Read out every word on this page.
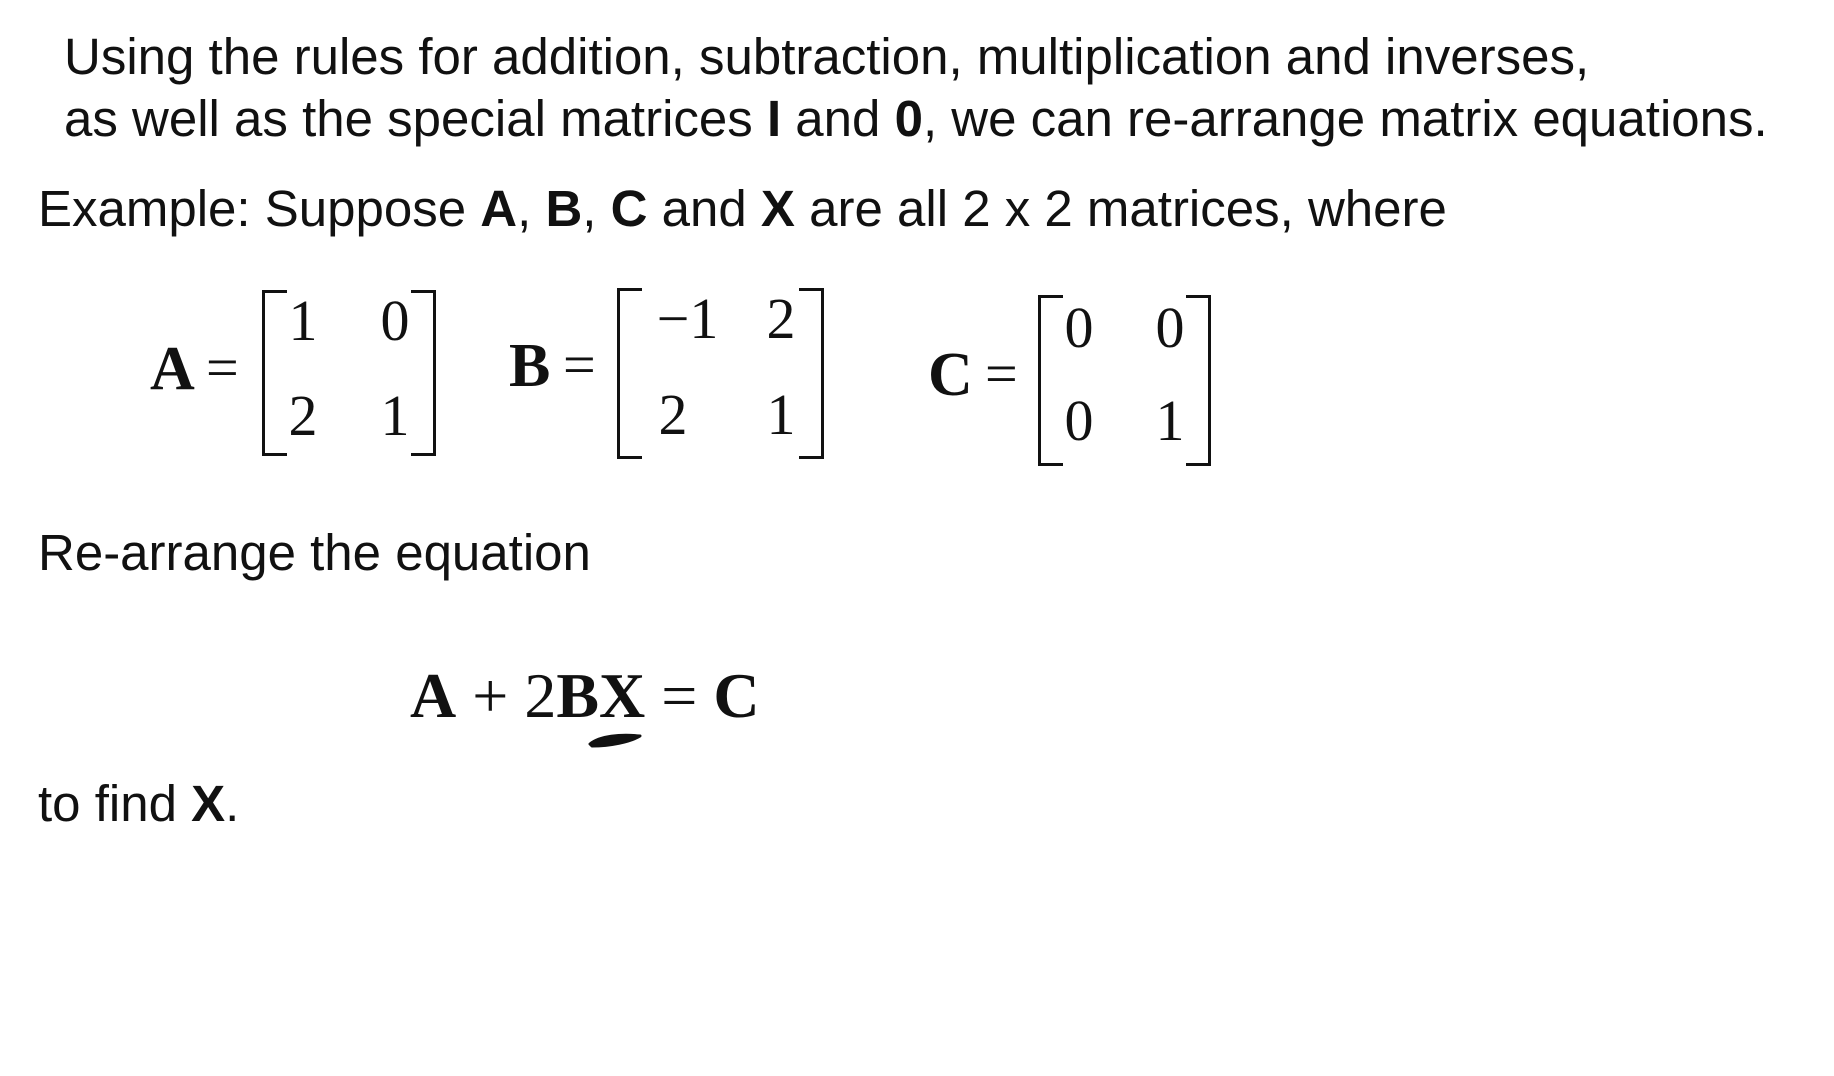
Using the rules for addition, subtraction, multiplication and inverses,
as well as the special matrices I and 0, we can re-arrange matrix equations.
Example: Suppose A, B, C and X are all 2 x 2 matrices, where
A =
1	0
2	1
B =
−1 2
2	1
C =
0	0
0	1
Re-arrange the equation
A + 2BX = C
to find X.
